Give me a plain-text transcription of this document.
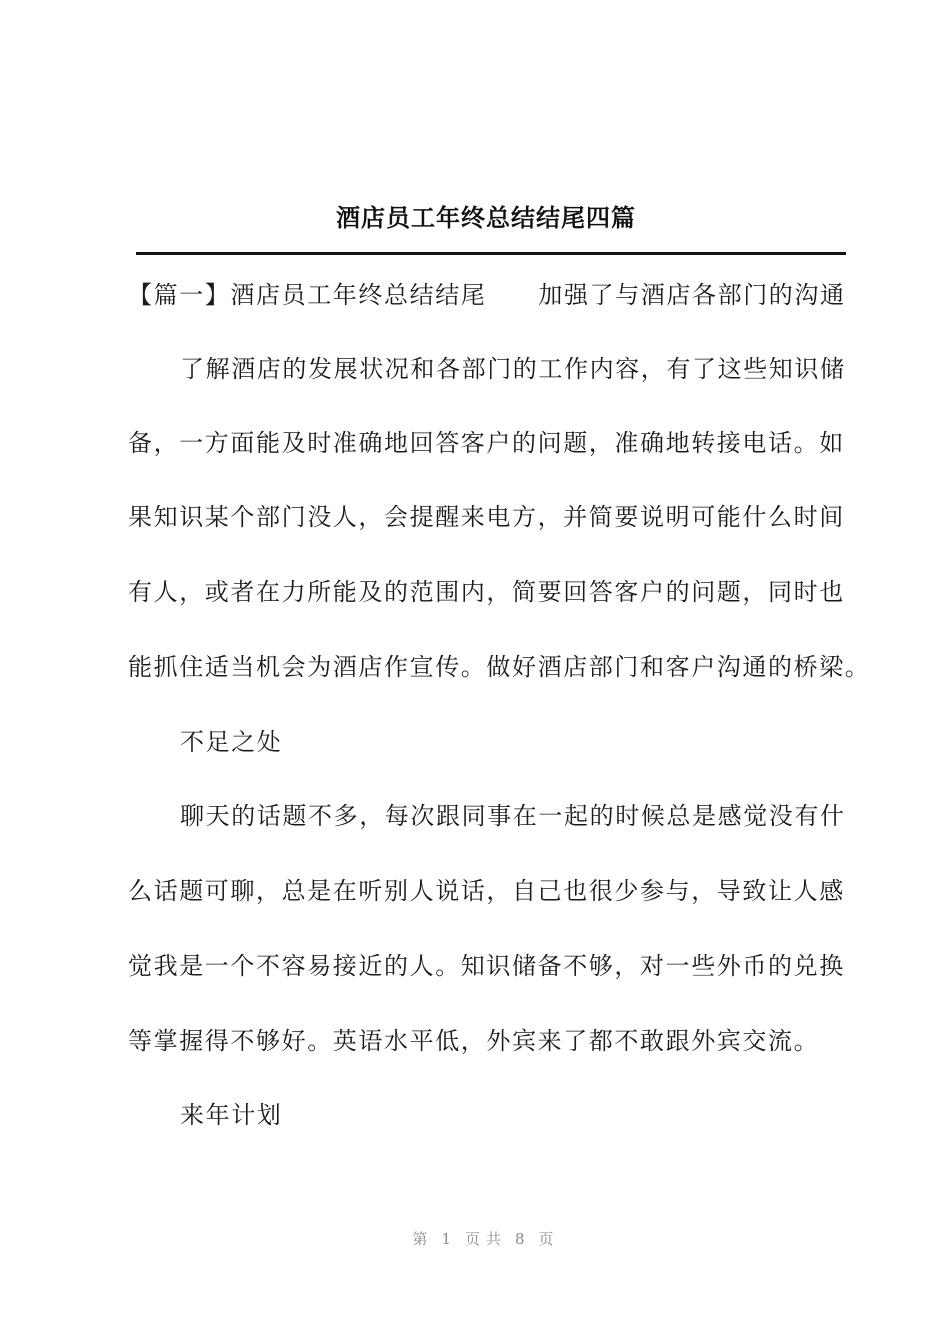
酒店员工年终总结结尾四篇
【篇一】酒店员工年终总结结尾 加强了与酒店各部门的沟通
了解酒店的发展状况和各部门的工作内容，有了这些知识储
备，一方面能及时准确地回答客户的问题，准确地转接电话。如
果知识某个部门没人，会提醒来电方，并简要说明可能什么时间
有人，或者在力所能及的范围内，简要回答客户的问题，同时也
能抓住适当机会为酒店作宣传。做好酒店部门和客户沟通的桥梁。
不足之处
聊天的话题不多，每次跟同事在一起的时候总是感觉没有什
么话题可聊，总是在听别人说话，自己也很少参与，导致让人感
觉我是一个不容易接近的人。知识储备不够，对一些外币的兑换
等掌握得不够好。英语水平低，外宾来了都不敢跟外宾交流。
来年计划
第 1 页共 8 页
